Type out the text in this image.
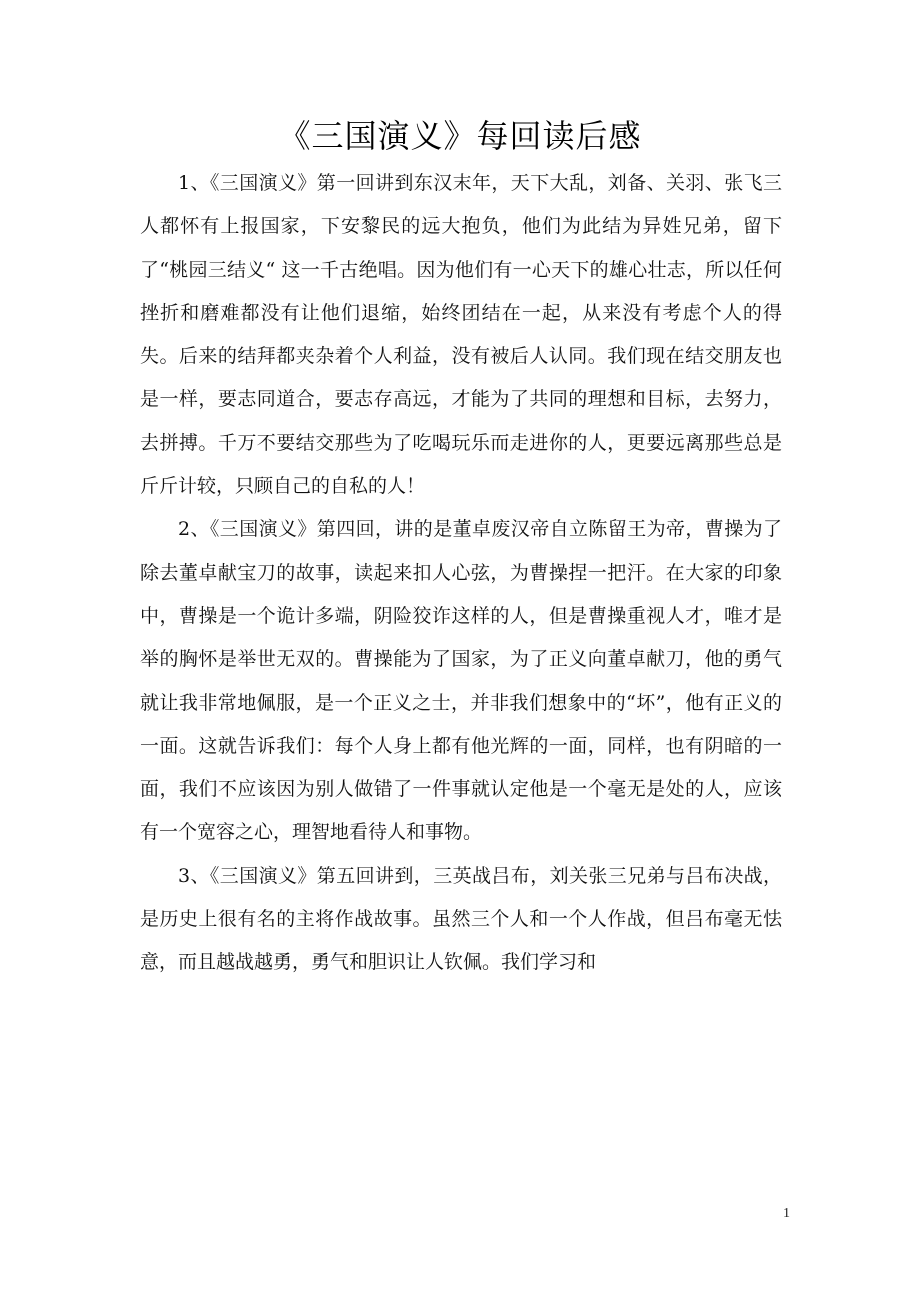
《三国演义》每回读后感

1、《三国演义》第一回讲到东汉末年，天下大乱，刘备、关羽、张飞三人都怀有上报国家，下安黎民的远大抱负，他们为此结为异姓兄弟，留下了“桃园三结义“ 这一千古绝唱。因为他们有一心天下的雄心壮志，所以任何挫折和磨难都没有让他们退缩，始终团结在一起，从来没有考虑个人的得失。后来的结拜都夹杂着个人利益，没有被后人认同。我们现在结交朋友也是一样，要志同道合，要志存高远，才能为了共同的理想和目标，去努力，去拼搏。千万不要结交那些为了吃喝玩乐而走进你的人，更要远离那些总是斤斤计较，只顾自己的自私的人！

2、《三国演义》第四回，讲的是董卓废汉帝自立陈留王为帝，曹操为了除去董卓献宝刀的故事，读起来扣人心弦，为曹操捏一把汗。在大家的印象中，曹操是一个诡计多端，阴险狡诈这样的人，但是曹操重视人才，唯才是举的胸怀是举世无双的。曹操能为了国家，为了正义向董卓献刀，他的勇气就让我非常地佩服，是一个正义之士，并非我们想象中的“坏”，他有正义的一面。这就告诉我们：每个人身上都有他光辉的一面，同样，也有阴暗的一面，我们不应该因为别人做错了一件事就认定他是一个毫无是处的人，应该有一个宽容之心，理智地看待人和事物。

3、《三国演义》第五回讲到，三英战吕布，刘关张三兄弟与吕布决战，是历史上很有名的主将作战故事。虽然三个人和一个人作战，但吕布毫无怯意，而且越战越勇，勇气和胆识让人钦佩。我们学习和

1
